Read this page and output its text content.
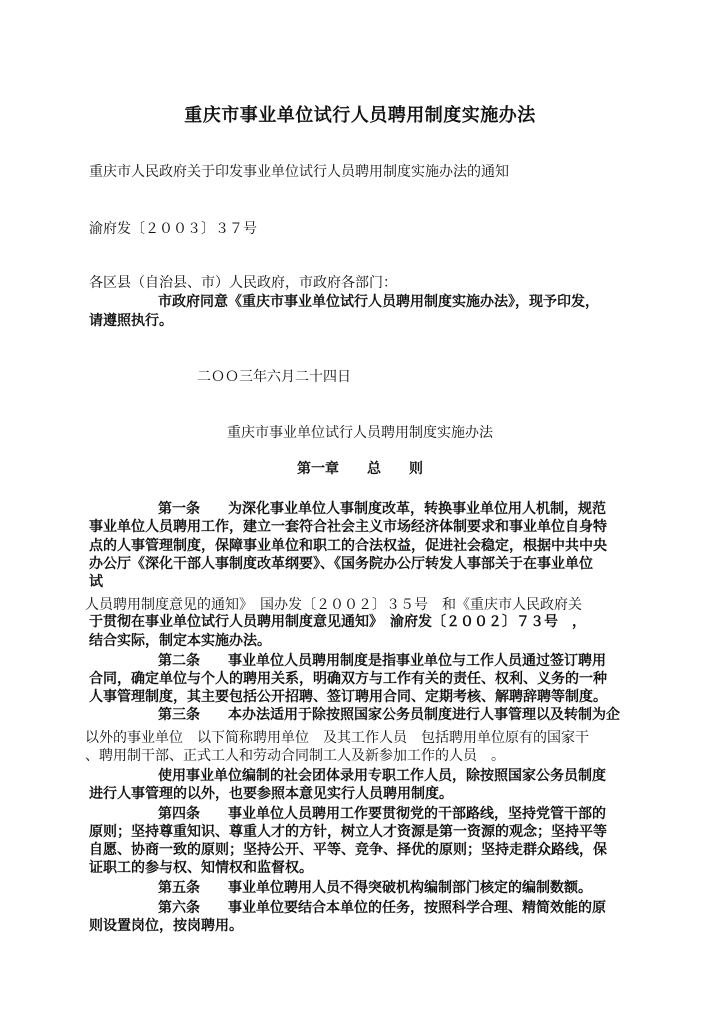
重庆市事业单位试行人员聘用制度实施办法
重庆市人民政府关于印发事业单位试行人员聘用制度实施办法的通知
渝府发〔２００３〕３７号
各区县（自治县、市）人民政府，市政府各部门：
市政府同意《重庆市事业单位试行人员聘用制度实施办法》，现予印发，
请遵照执行。
二ＯＯ三年六月二十四日
重庆市事业单位试行人员聘用制度实施办法
第一章　　总　　则
第一条　　为深化事业单位人事制度改革，转换事业单位用人机制，规范
事业单位人员聘用工作，建立一套符合社会主义市场经济体制要求和事业单位自身特
点的人事管理制度，保障事业单位和职工的合法权益，促进社会稳定，根据中共中央
办公厅《深化干部人事制度改革纲要》、《国务院办公厅转发人事部关于在事业单位
试
人员聘用制度意见的通知》　国办发〔２００２〕３５号　和《重庆市人民政府关
于贯彻在事业单位试行人员聘用制度意见通知》　渝府发〔２００２〕７３号　，
结合实际，制定本实施办法。
第二条　　事业单位人员聘用制度是指事业单位与工作人员通过签订聘用
合同，确定单位与个人的聘用关系，明确双方与工作有关的责任、权利、义务的一种
人事管理制度，其主要包括公开招聘、签订聘用合同、定期考核、解聘辞聘等制度。
第三条　　本办法适用于除按照国家公务员制度进行人事管理以及转制为企
以外的事业单位　以下简称聘用单位　及其工作人员　包括聘用单位原有的国家干
、聘用制干部、正式工人和劳动合同制工人及新参加工作的人员　。
使用事业单位编制的社会团体录用专职工作人员，除按照国家公务员制度
进行人事管理的以外，也要参照本意见实行人员聘用制度。
第四条　　事业单位人员聘用工作要贯彻党的干部路线，坚持党管干部的
原则；坚持尊重知识、尊重人才的方针，树立人才资源是第一资源的观念；坚持平等
自愿、协商一致的原则；坚持公开、平等、竞争、择优的原则；坚持走群众路线，保
证职工的参与权、知情权和监督权。
第五条　　事业单位聘用人员不得突破机构编制部门核定的编制数额。
第六条　　事业单位要结合本单位的任务，按照科学合理、精简效能的原
则设置岗位，按岗聘用。
